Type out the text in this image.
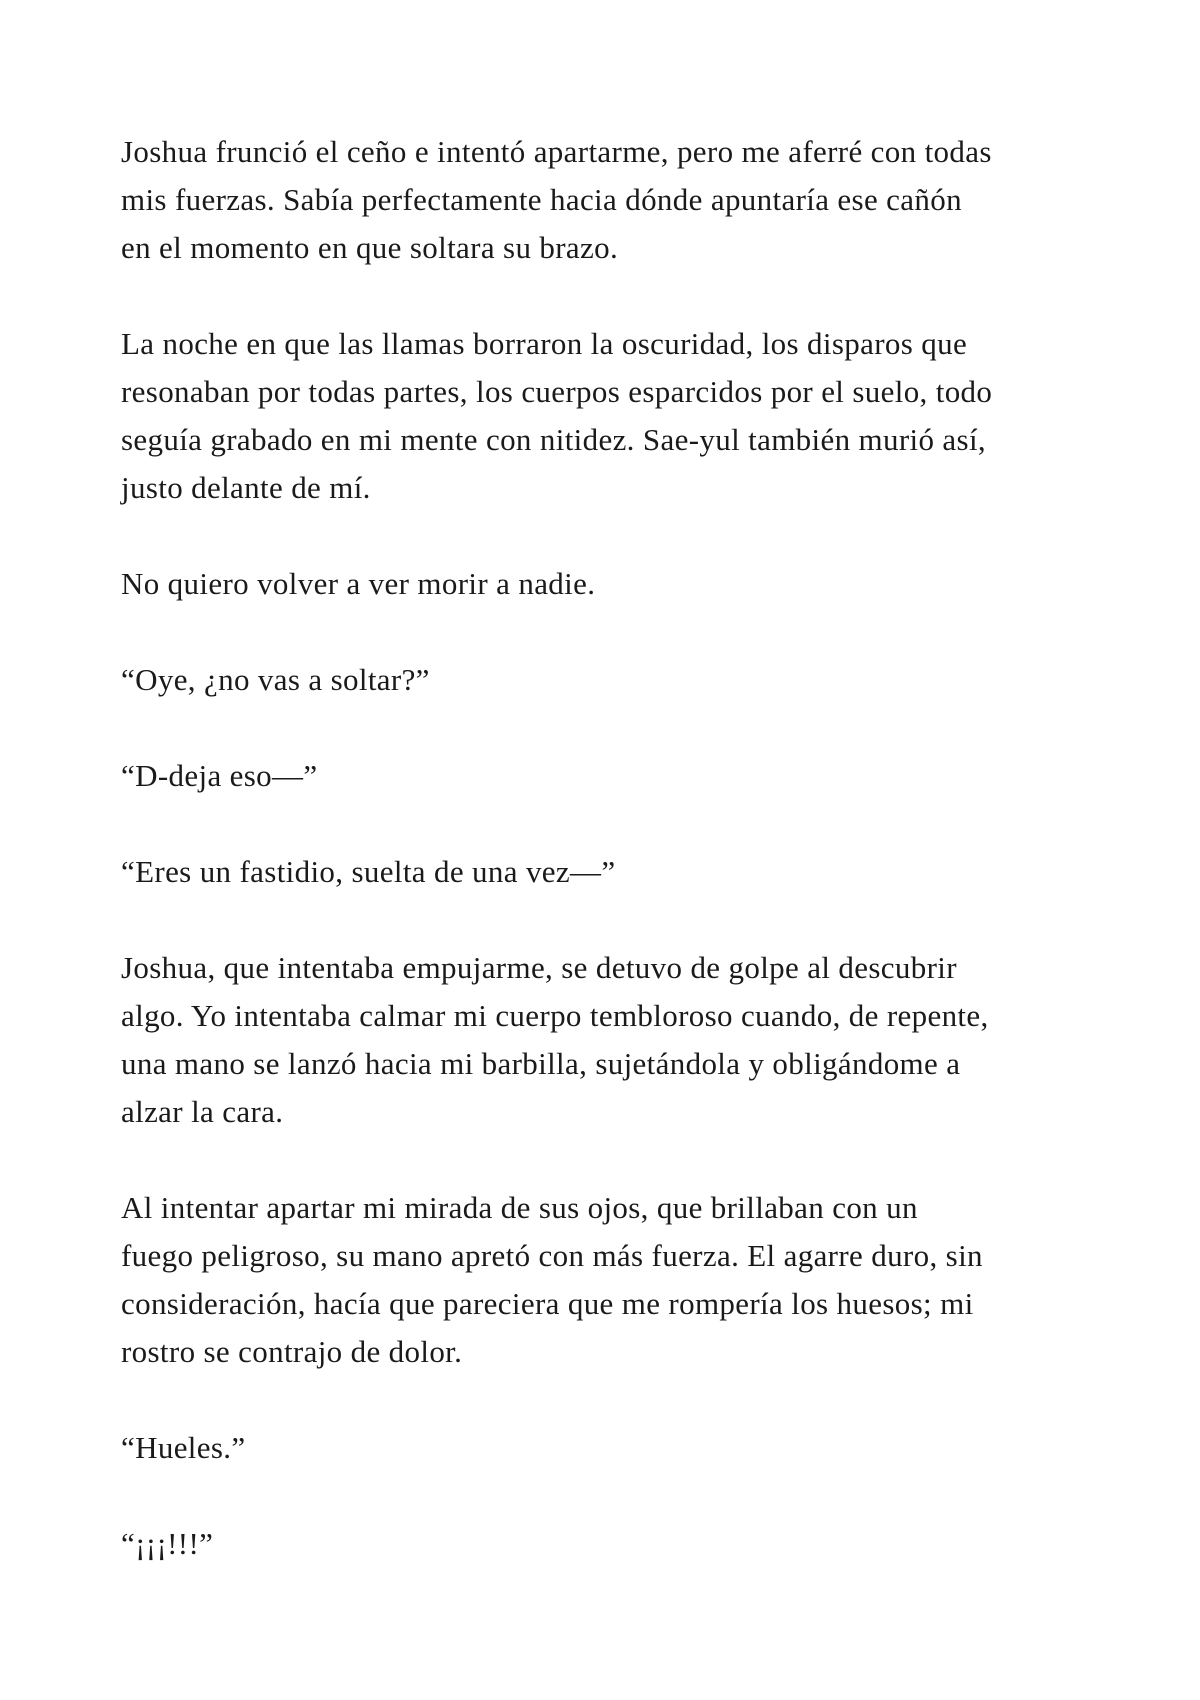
Joshua frunció el ceño e intentó apartarme, pero me aferré con todas
mis fuerzas. Sabía perfectamente hacia dónde apuntaría ese cañón
en el momento en que soltara su brazo.

La noche en que las llamas borraron la oscuridad, los disparos que
resonaban por todas partes, los cuerpos esparcidos por el suelo, todo
seguía grabado en mi mente con nitidez. Sae-yul también murió así,
justo delante de mí.

No quiero volver a ver morir a nadie.

“Oye, ¿no vas a soltar?”

“D-deja eso—”

“Eres un fastidio, suelta de una vez—”

Joshua, que intentaba empujarme, se detuvo de golpe al descubrir
algo. Yo intentaba calmar mi cuerpo tembloroso cuando, de repente,
una mano se lanzó hacia mi barbilla, sujetándola y obligándome a
alzar la cara.

Al intentar apartar mi mirada de sus ojos, que brillaban con un
fuego peligroso, su mano apretó con más fuerza. El agarre duro, sin
consideración, hacía que pareciera que me rompería los huesos; mi
rostro se contrajo de dolor.

“Hueles.”

“¡¡¡!!!”
